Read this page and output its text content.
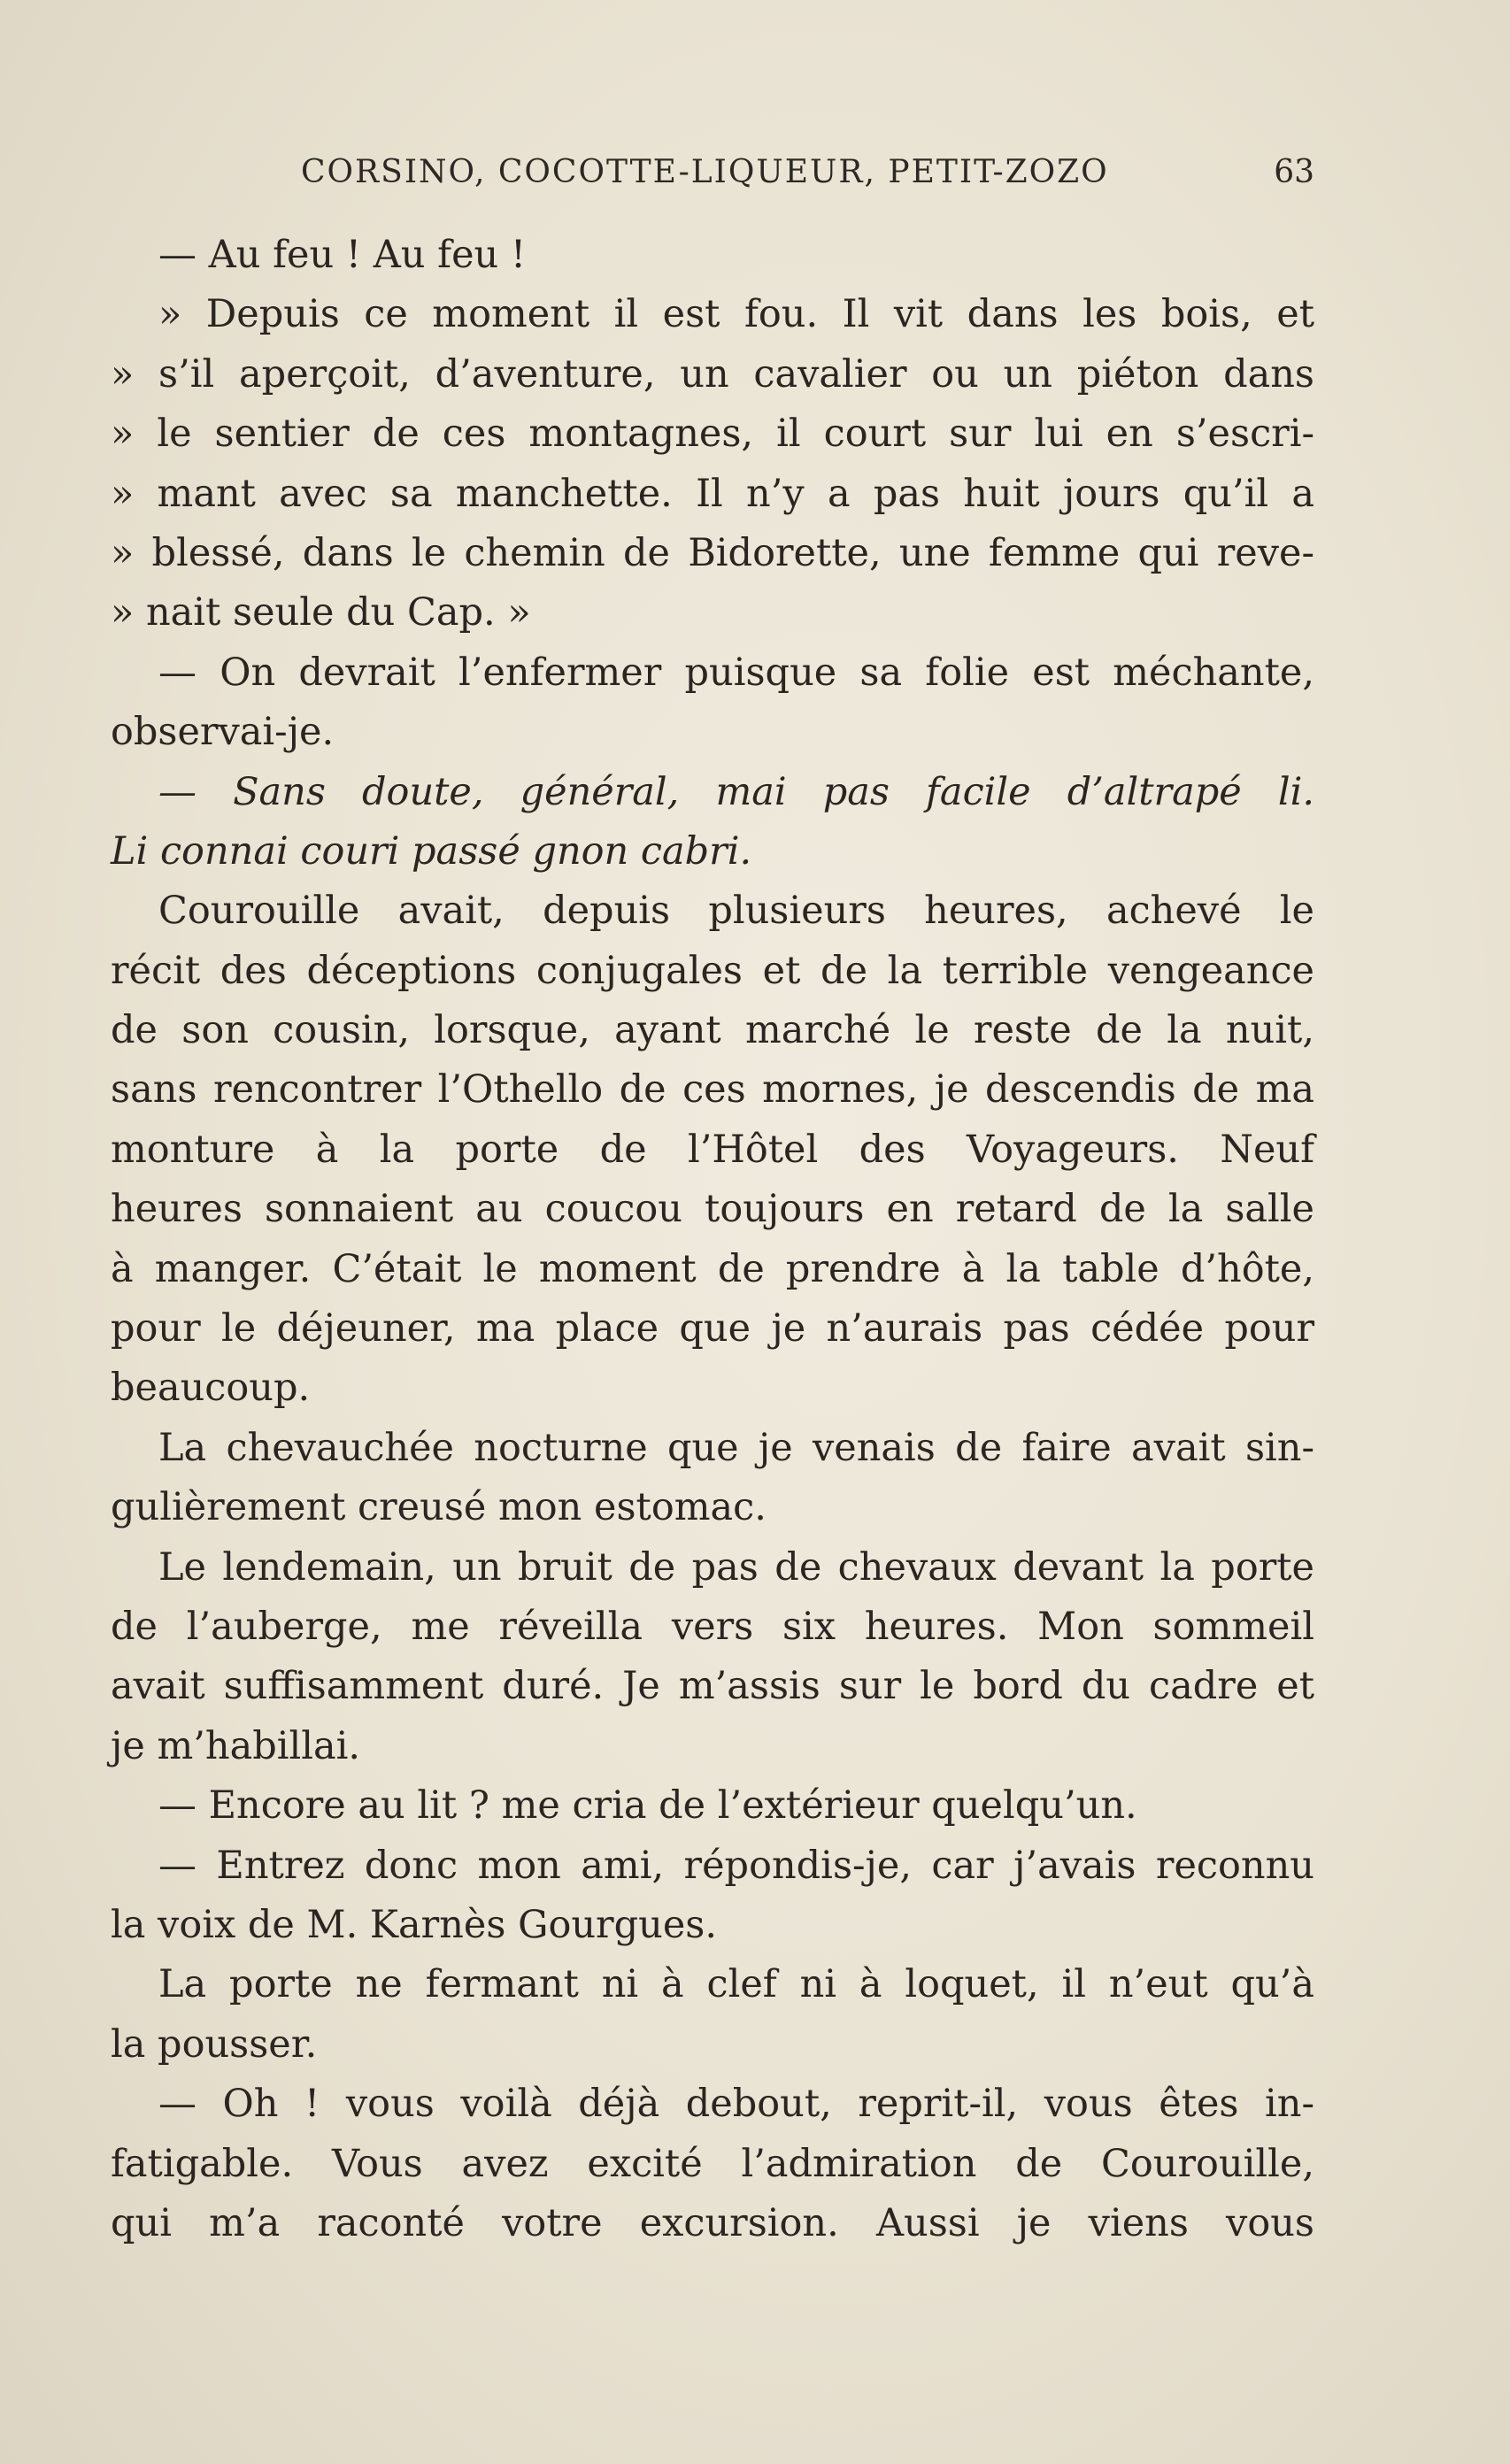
CORSINO, COCOTTE-LIQUEUR, PETIT-ZOZO	63
— Au feu ! Au feu !
» Depuis ce moment il est fou. Il vit dans les bois, et
» s’il aperçoit, d’aventure, un cavalier ou un piéton dans
» le sentier de ces montagnes, il court sur lui en s’escri-
» mant avec sa manchette. Il n’y a pas huit jours qu’il a
» blessé, dans le chemin de Bidorette, une femme qui reve-
» nait seule du Cap. »
— On devrait l’enfermer puisque sa folie est méchante,
observai-je.
— Sans doute, général, mai pas facile d’altrapé li.
Li connai couri passé gnon cabri.
Courouille avait, depuis plusieurs heures, achevé le
récit des déceptions conjugales et de la terrible vengeance
de son cousin, lorsque, ayant marché le reste de la nuit,
sans rencontrer l’Othello de ces mornes, je descendis de ma
monture à la porte de l’Hôtel des Voyageurs. Neuf
heures sonnaient au coucou toujours en retard de la salle
à manger. C’était le moment de prendre à la table d’hôte,
pour le déjeuner, ma place que je n’aurais pas cédée pour
beaucoup.
La chevauchée nocturne que je venais de faire avait sin-
gulièrement creusé mon estomac.
Le lendemain, un bruit de pas de chevaux devant la porte
de l’auberge, me réveilla vers six heures. Mon sommeil
avait suffisamment duré. Je m’assis sur le bord du cadre et
je m’habillai.
— Encore au lit ? me cria de l’extérieur quelqu’un.
— Entrez donc mon ami, répondis-je, car j’avais reconnu
la voix de M. Karnès Gourgues.
La porte ne fermant ni à clef ni à loquet, il n’eut qu’à
la pousser.
— Oh ! vous voilà déjà debout, reprit-il, vous êtes in-
fatigable. Vous avez excité l’admiration de Courouille,
qui m’a raconté votre excursion. Aussi je viens vous
